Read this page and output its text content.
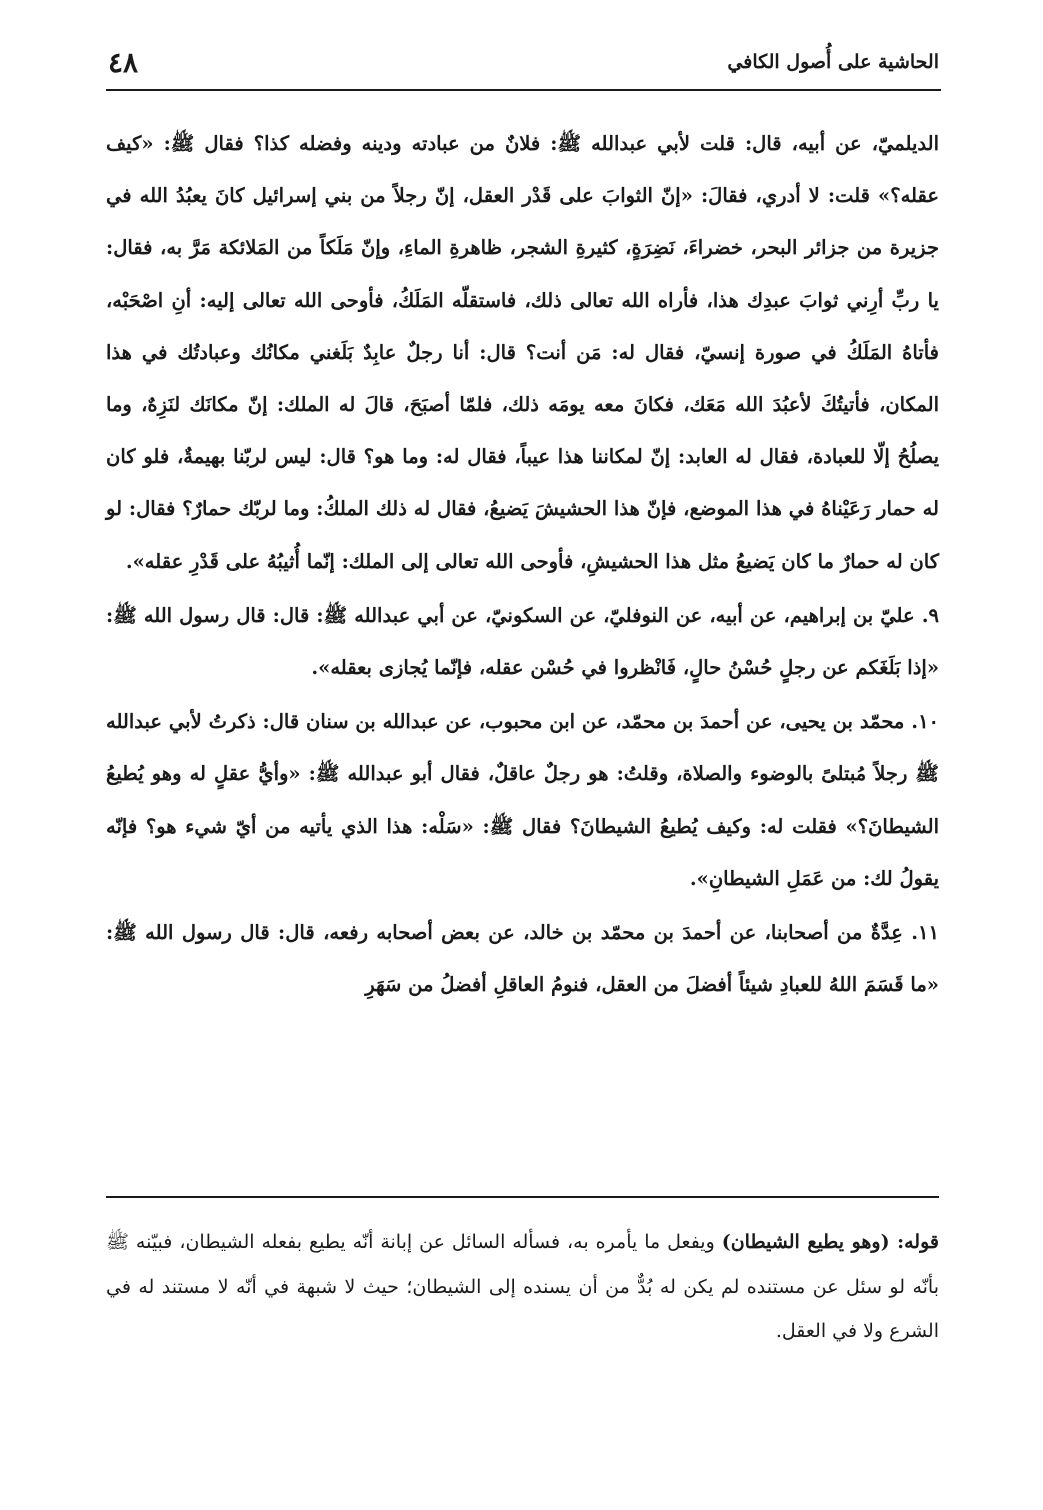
٤٨	الحاشية على أُصول الكافي

الديلميّ، عن أبيه، قال: قلت لأبي عبدالله ﷺ: فلانٌ من عبادته ودينه وفضله كذا؟ فقال ﷺ: «كيف عقله؟» قلت: لا أدري، فقالَ: «إنّ الثوابَ على قَدْر العقل، إنّ رجلاً من بني إسرائيل كانَ يعبُدُ الله في جزيرة من جزائر البحر، خضراءَ، نَضِرَةٍ، كثيرةِ الشجر، ظاهرةِ الماءِ، وإنّ مَلَكاً من المَلائكة مَرَّ به، فقال: يا ربِّ أرِني ثوابَ عبدِك هذا، فأراه الله تعالى ذلك، فاستقلّه المَلَكُ، فأوحى الله تعالى إليه: أنِ اصْحَبْه، فأتاهُ المَلَكُ في صورة إنسيّ، فقال له: مَن أنت؟ قال: أنا رجلٌ عابِدٌ بَلَغني مكانُك وعبادتُك في هذا المكان، فأتيتُكَ لأعبُدَ الله مَعَك، فكانَ معه يومَه ذلك، فلمّا أصبَحَ، قالَ له الملك: إنّ مكانَك لنَزِهٌ، وما يصلُحُ إلّا للعبادة، فقال له العابد: إنّ لمكاننا هذا عيباً، فقال له: وما هو؟ قال: ليس لربّنا بهيمةٌ، فلو كان له حمار رَعَيْناهُ في هذا الموضع، فإنّ هذا الحشيشَ يَضيعُ، فقال له ذلك الملكُ: وما لربّك حمارٌ؟ فقال: لو كان له حمارٌ ما كان يَضيعُ مثل هذا الحشيشِ، فأوحى الله تعالى إلى الملك: إنّما أُثيبُهُ على قَدْرِ عقله».

٩. عليّ بن إبراهيم، عن أبيه، عن النوفليّ، عن السكونيّ، عن أبي عبدالله ﷺ: قال: قال رسول الله ﷺ: «إذا بَلَغَكم عن رجلٍ حُسْنُ حالٍ، فَانْظروا في حُسْن عقله، فإنّما يُجازى بعقله».

١٠. محمّد بن يحيى، عن أحمدَ بن محمّد، عن ابن محبوب، عن عبدالله بن سنان قال: ذكرتُ لأبي عبدالله ﷺ رجلاً مُبتلىً بالوضوء والصلاة، وقلتُ: هو رجلٌ عاقلٌ، فقال أبو عبدالله ﷺ: «وأيُّ عقلٍ له وهو يُطيعُ الشيطانَ؟» فقلت له: وكيف يُطيعُ الشيطانَ؟ فقال ﷺ: «سَلْه: هذا الذي يأتيه من أيّ شيء هو؟ فإنّه يقولُ لك: من عَمَلِ الشيطانِ».

١١. عِدَّةٌ من أصحابنا، عن أحمدَ بن محمّد بن خالد، عن بعض أصحابه رفعه، قال: قال رسول الله ﷺ: «ما قَسَمَ اللهُ للعبادِ شيئاً أفضلَ من العقل، فنومُ العاقلِ أفضلُ من سَهَرِ

قوله: (وهو يطيع الشيطان) ويفعل ما يأمره به، فسأله السائل عن إبانة أنّه يطيع بفعله الشيطان، فبيّنه ﷺ بأنّه لو سئل عن مستنده لم يكن له بُدٌّ من أن يسنده إلى الشيطان؛ حيث لا شبهة في أنّه لا مستند له في الشرع ولا في العقل.
